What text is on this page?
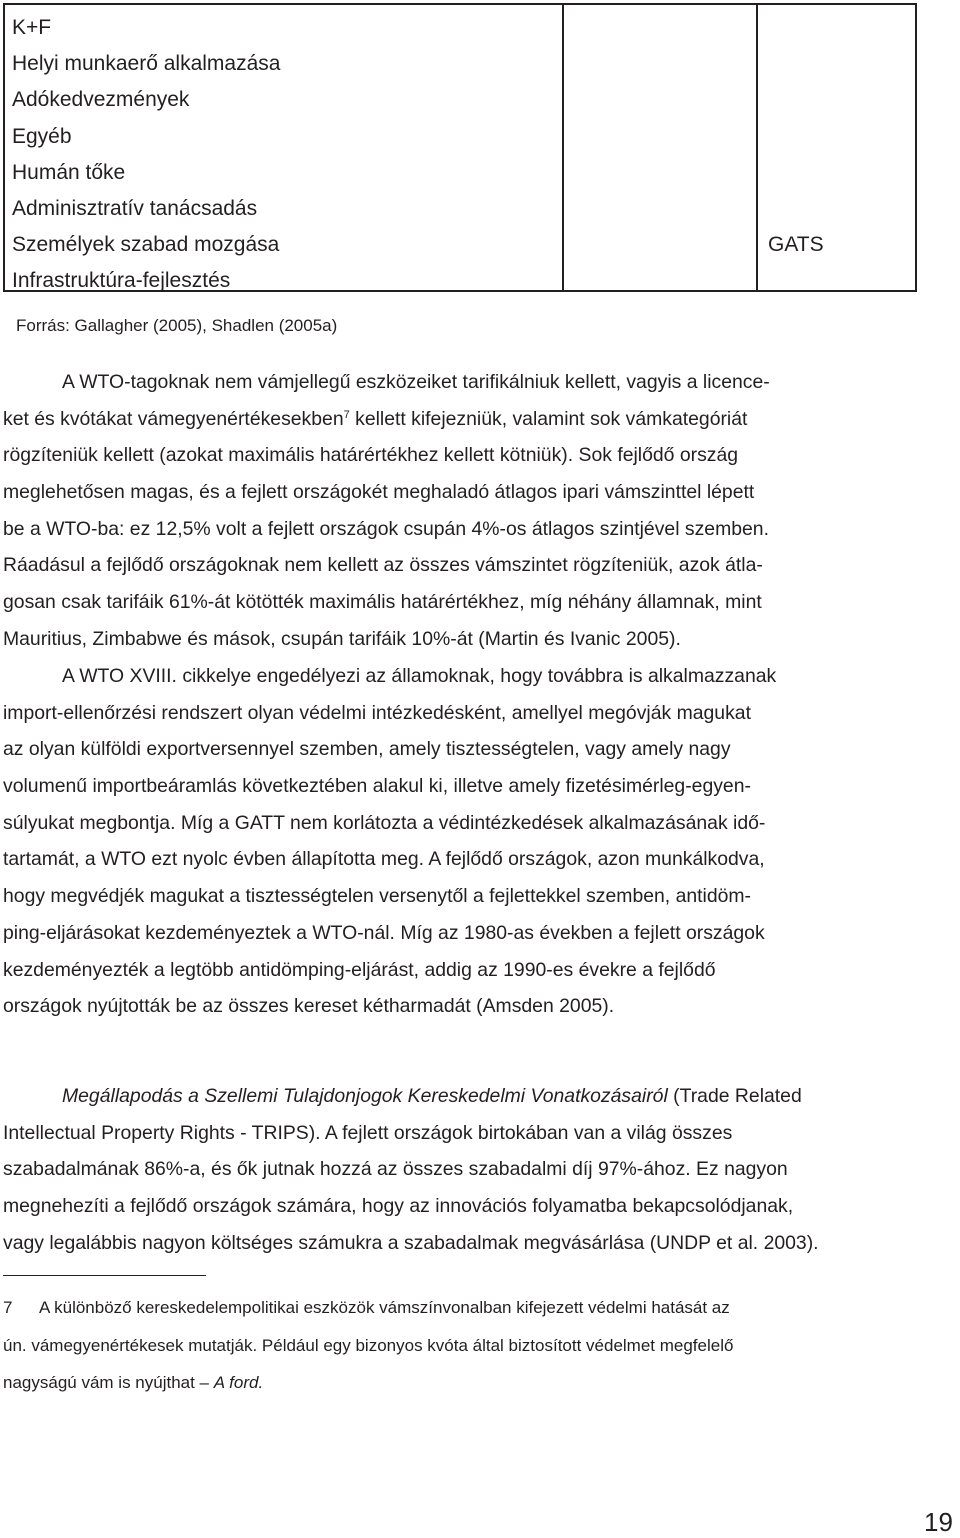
K+F
Helyi munkaerő alkalmazása
Adókedvezmények
Egyéb
Humán tőke
Adminisztratív tanácsadás
Személyek szabad mozgása
Infrastruktúra-fejlesztés
GATS
Forrás: Gallagher (2005), Shadlen (2005a)
A WTO-tagoknak nem vámjellegű eszközeiket tarifikálniuk kellett, vagyis a licence-
ket és kvótákat vámegyenértékesekben$^7$ kellett kifejezniük, valamint sok vámkategóriát
rögzíteniük kellett (azokat maximális határértékhez kellett kötniük). Sok fejlődő ország
meglehetősen magas, és a fejlett országokét meghaladó átlagos ipari vámszinttel lépett
be a WTO-ba: ez 12,5% volt a fejlett országok csupán 4%-os átlagos szintjével szemben.
Ráadásul a fejlődő országoknak nem kellett az összes vámszintet rögzíteniük, azok átla-
gosan csak tarifáik 61%-át kötötték maximális határértékhez, míg néhány államnak, mint
Mauritius, Zimbabwe és mások, csupán tarifáik 10%-át (Martin és Ivanic 2005).
A WTO XVIII. cikkelye engedélyezi az államoknak, hogy továbbra is alkalmazzanak
import-ellenőrzési rendszert olyan védelmi intézkedésként, amellyel megóvják magukat
az olyan külföldi exportversennyel szemben, amely tisztességtelen, vagy amely nagy
volumenű importbeáramlás következtében alakul ki, illetve amely fizetésimérleg-egyen-
súlyukat megbontja. Míg a GATT nem korlátozta a védintézkedések alkalmazásának idő-
tartamát, a WTO ezt nyolc évben állapította meg. A fejlődő országok, azon munkálkodva,
hogy megvédjék magukat a tisztességtelen versenytől a fejlettekkel szemben, antidöm-
ping-eljárásokat kezdeményeztek a WTO-nál. Míg az 1980-as években a fejlett országok
kezdeményezték a legtöbb antidömping-eljárást, addig az 1990-es évekre a fejlődő
országok nyújtották be az összes kereset kétharmadát (Amsden 2005).
Megállapodás a Szellemi Tulajdonjogok Kereskedelmi Vonatkozásairól (Trade Related
Intellectual Property Rights - TRIPS). A fejlett országok birtokában van a világ összes
szabadalmának 86%-a, és ők jutnak hozzá az összes szabadalmi díj 97%-ához. Ez nagyon
megnehezíti a fejlődő országok számára, hogy az innovációs folyamatba bekapcsolódjanak,
vagy legalábbis nagyon költséges számukra a szabadalmak megvásárlása (UNDP et al. 2003).
7 A különböző kereskedelempolitikai eszközök vámszínvonalban kifejezett védelmi hatását az
ún. vámegyenértékesek mutatják. Például egy bizonyos kvóta által biztosított védelmet megfelelő
nagyságú vám is nyújthat – A ford.
19
